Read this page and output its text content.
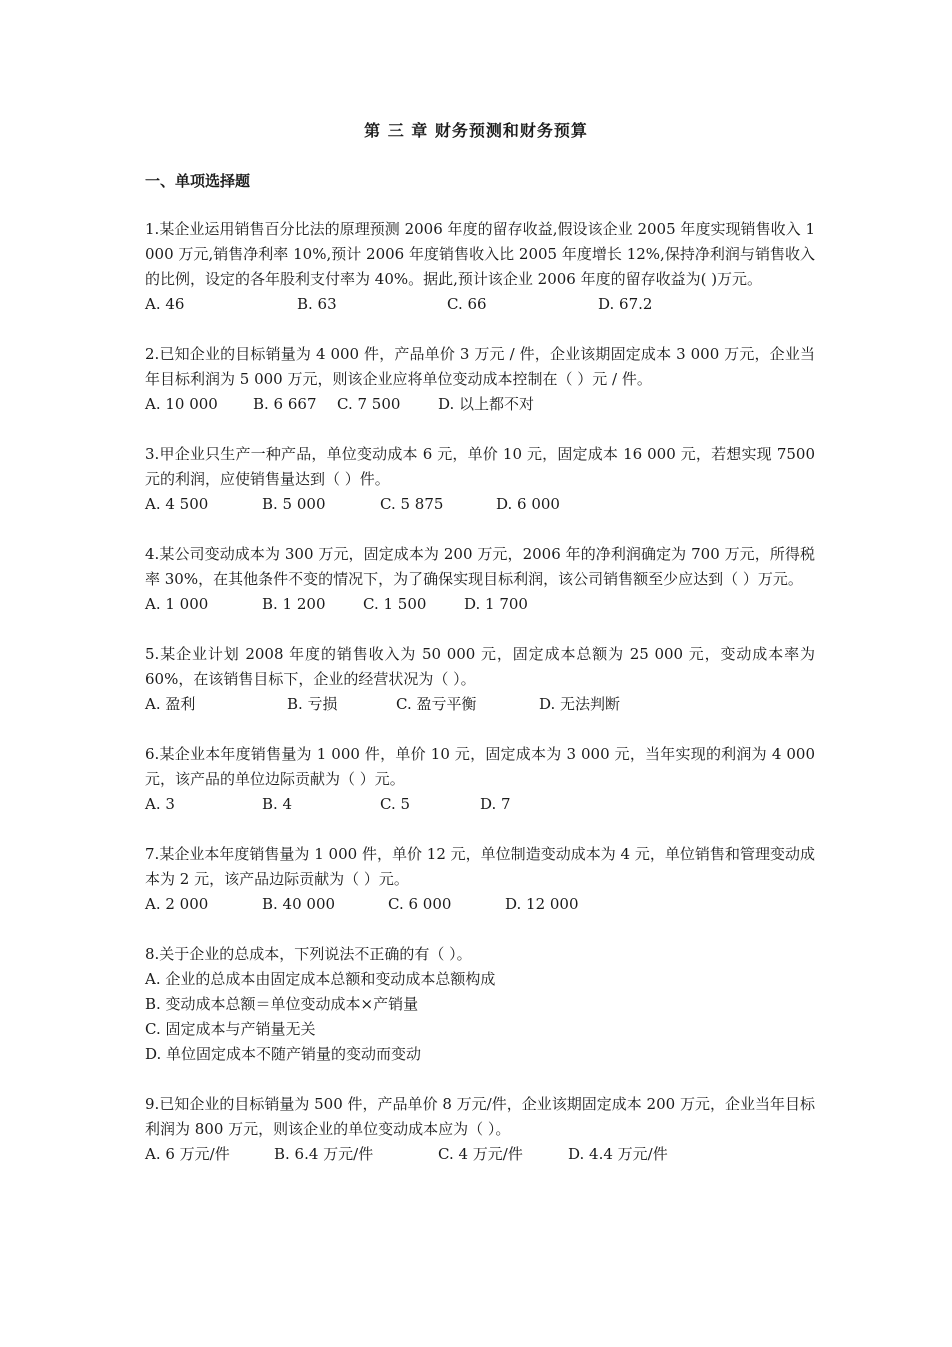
第 三 章 财务预测和财务预算
一、单项选择题
1.某企业运用销售百分比法的原理预测 2006 年度的留存收益,假设该企业 2005 年度实现销售收入 1 000 万元,销售净利率 10%,预计 2006 年度销售收入比 2005 年度增长 12%,保持净利润与销售收入的比例，设定的各年股利支付率为 40%。据此,预计该企业 2006 年度的留存收益为( )万元。
A. 46	B. 63	C. 66	D. 67.2
2.已知企业的目标销量为 4 000 件，产品单价 3 万元 / 件，企业该期固定成本 3 000 万元，企业当年目标利润为 5 000 万元，则该企业应将单位变动成本控制在（ ）元 / 件。
A. 10 000 B. 6 667 C. 7 500	D. 以上都不对
3.甲企业只生产一种产品，单位变动成本 6 元，单价 10 元，固定成本 16 000 元，若想实现 7500 元的利润，应使销售量达到（ ）件。
A. 4 500	B. 5 000	C. 5 875	D. 6 000
4.某公司变动成本为 300 万元，固定成本为 200 万元，2006 年的净利润确定为 700 万元，所得税率 30%，在其他条件不变的情况下，为了确保实现目标利润，该公司销售额至少应达到（ ）万元。
A. 1 000	B. 1 200 C. 1 500	D. 1 700
5.某企业计划 2008 年度的销售收入为 50 000 元，固定成本总额为 25 000 元，变动成本率为 60%，在该销售目标下，企业的经营状况为（ ）。
A. 盈利	B. 亏损	C. 盈亏平衡	D. 无法判断
6.某企业本年度销售量为 1 000 件，单价 10 元，固定成本为 3 000 元，当年实现的利润为 4 000 元，该产品的单位边际贡献为（ ）元。
A. 3	B. 4	C. 5	D. 7
7.某企业本年度销售量为 1 000 件，单价 12 元，单位制造变动成本为 4 元，单位销售和管理变动成本为 2 元，该产品边际贡献为（ ）元。
A. 2 000	B. 40 000	C. 6 000	D. 12 000
8.关于企业的总成本，下列说法不正确的有（ ）。
A. 企业的总成本由固定成本总额和变动成本总额构成
B. 变动成本总额＝单位变动成本×产销量
C. 固定成本与产销量无关
D. 单位固定成本不随产销量的变动而变动
9.已知企业的目标销量为 500 件，产品单价 8 万元/件，企业该期固定成本 200 万元，企业当年目标利润为 800 万元，则该企业的单位变动成本应为（ ）。
A. 6 万元/件	B. 6.4 万元/件	C. 4 万元/件	D. 4.4 万元/件
